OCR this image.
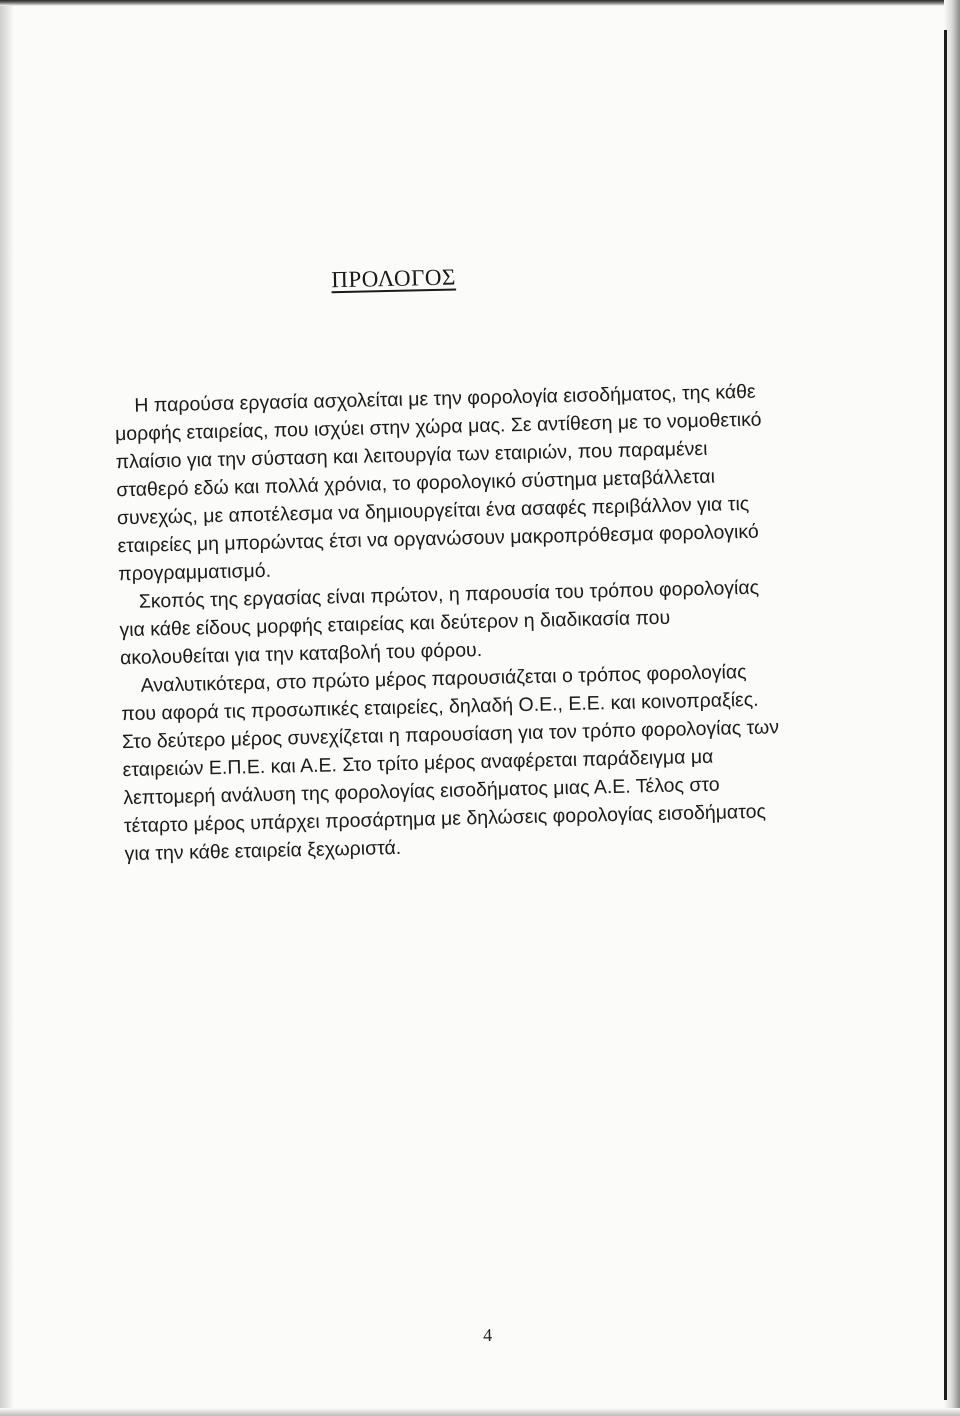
ΠΡΟΛΟΓΟΣ

Η παρούσα εργασία ασχολείται με την φορολογία εισοδήματος, της κάθε μορφής εταιρείας, που ισχύει στην χώρα μας. Σε αντίθεση με το νομοθετικό πλαίσιο για την σύσταση και λειτουργία των εταιριών, που παραμένει σταθερό εδώ και πολλά χρόνια, το φορολογικό σύστημα μεταβάλλεται συνεχώς, με αποτέλεσμα να δημιουργείται ένα ασαφές περιβάλλον για τις εταιρείες μη μπορώντας έτσι να οργανώσουν μακροπρόθεσμα φορολογικό προγραμματισμό.

Σκοπός της εργασίας είναι πρώτον, η παρουσία του τρόπου φορολογίας για κάθε είδους μορφής εταιρείας και δεύτερον η διαδικασία που ακολουθείται για την καταβολή του φόρου.

Αναλυτικότερα, στο πρώτο μέρος παρουσιάζεται ο τρόπος φορολογίας που αφορά τις προσωπικές εταιρείες, δηλαδή Ο.Ε., Ε.Ε. και κοινοπραξίες. Στο δεύτερο μέρος συνεχίζεται η παρουσίαση για τον τρόπο φορολογίας των εταιρειών Ε.Π.Ε. και Α.Ε. Στο τρίτο μέρος αναφέρεται παράδειγμα μα λεπτομερή ανάλυση της φορολογίας εισοδήματος μιας Α.Ε. Τέλος στο τέταρτο μέρος υπάρχει προσάρτημα με δηλώσεις φορολογίας εισοδήματος για την κάθε εταιρεία ξεχωριστά.

4
